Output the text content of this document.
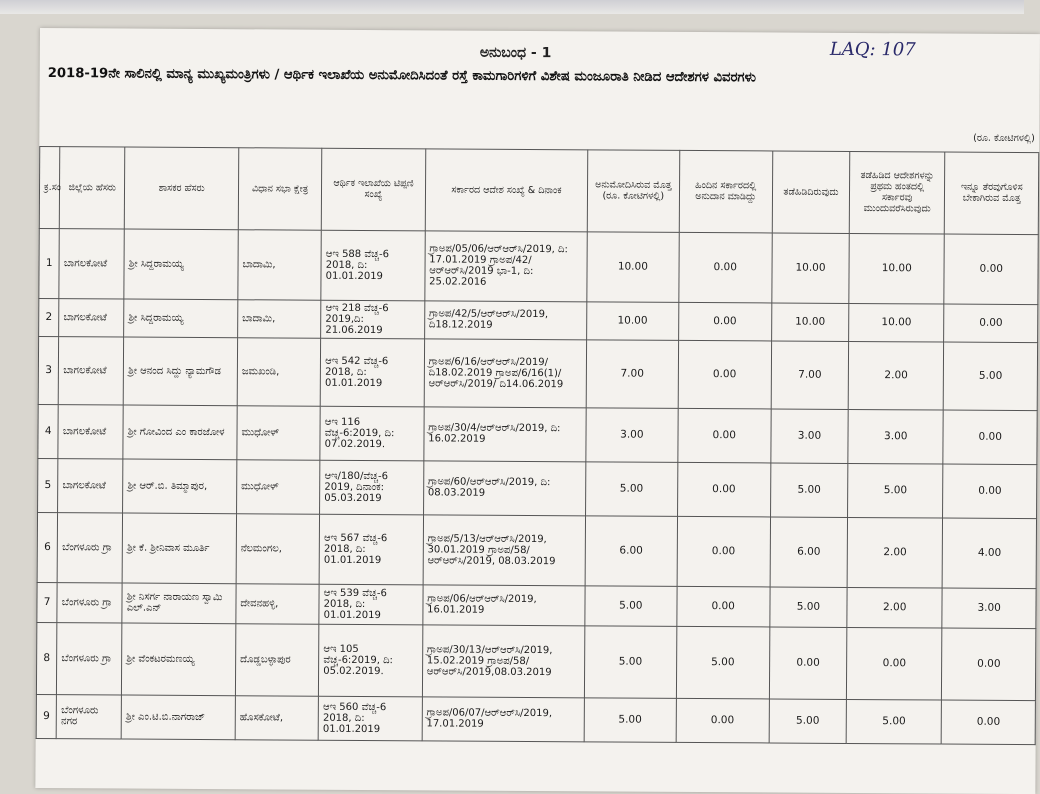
ಅನುಬಂಧ - 1	LAQ: 107
2018-19ನೇ ಸಾಲಿನಲ್ಲಿ ಮಾನ್ಯ ಮುಖ್ಯಮಂತ್ರಿಗಳು / ಆರ್ಥಿಕ ಇಲಾಖೆಯ ಅನುಮೋದಿಸಿದಂತೆ ರಸ್ತೆ ಕಾಮಗಾರಿಗಳಿಗೆ ವಿಶೇಷ ಮಂಜೂರಾತಿ ನೀಡಿದ ಆದೇಶಗಳ ವಿವರಗಳು
(ರೂ. ಕೋಟಿಗಳಲ್ಲಿ)										
ಕ್ರ.ಸಂ	ಜಿಲ್ಲೆಯ ಹೆಸರು	ಶಾಸಕರ ಹೆಸರು	ವಿಧಾನ ಸಭಾ ಕ್ಷೇತ್ರ	ಆರ್ಥಿಕ ಇಲಾಖೆಯ ಟಿಪ್ಪಣಿ ಸಂಖ್ಯೆ	ಸರ್ಕಾರದ ಆದೇಶ ಸಂಖ್ಯೆ & ದಿನಾಂಕ	ಅನುಮೋದಿಸಿರುವ ಮೊತ್ತ (ರೂ. ಕೋಟಿಗಳಲ್ಲಿ)	ಹಿಂದಿನ ಸರ್ಕಾರದಲ್ಲಿ ಅನುದಾನ ಮಾಡಿದ್ದು	ತಡೆಹಿಡಿದಿರುವುದು	ತಡೆಹಿಡಿದ ಆದೇಶಗಳನ್ನು ಪ್ರಥಮ ಹಂತದಲ್ಲಿ ಸರ್ಕಾರವು ಮುಂದುವರೆಸಿರುವುದು	ಇನ್ನೂ ತೆರವುಗೊಳಿಸ ಬೇಕಾಗಿರುವ ಮೊತ್ತ
1	ಬಾಗಲಕೋಟೆ	ಶ್ರೀ ಸಿದ್ದರಾಮಯ್ಯ	ಬಾದಾಮಿ,	ಆಇ 588 ವೆಚ್ಚ-6 2018, ದಿ: 01.01.2019	ಗ್ರಾಅಪ/05/06/ಆರ್‌ಆರ್‌ಸಿ/2019, ದಿ: 17.01.2019 ಗ್ರಾಅಪ/42/ಆರ್‌ಆರ್‌ಸಿ/2019 ಭಾ-1, ದಿ: 25.02.2016	10.00	0.00	10.00	10.00	0.00
2	ಬಾಗಲಕೋಟೆ	ಶ್ರೀ ಸಿದ್ದರಾಮಯ್ಯ	ಬಾದಾಮಿ,	ಆಇ 218 ವೆಚ್ಚ-6 2019,ದಿ: 21.06.2019	ಗ್ರಾಅಪ/42/5/ಆರ್‌ಆರ್‌ಸಿ/2019, ದಿ18.12.2019	10.00	0.00	10.00	10.00	0.00
3	ಬಾಗಲಕೋಟೆ	ಶ್ರೀ ಆನಂದ ಸಿದ್ದು ನ್ಯಾಮಗೌಡ	ಜಮಖಂಡಿ,	ಆಇ 542 ವೆಚ್ಚ-6 2018, ದಿ: 01.01.2019	ಗ್ರಾಅಪ/6/16/ಆರ್‌ಆರ್‌ಸಿ/2019/ ದಿ18.02.2019 ಗ್ರಾಅಪ/6/16(1)/ಆರ್‌ಆರ್‌ಸಿ/2019/ ದಿ14.06.2019	7.00	0.00	7.00	2.00	5.00
4	ಬಾಗಲಕೋಟೆ	ಶ್ರೀ ಗೋವಿಂದ ಎಂ ಕಾರಜೋಳ	ಮುಧೋಳ್	ಆಇ 116 ವೆಚ್ಚ-6:2019, ದಿ: 07.02.2019.	ಗ್ರಾಅಪ/30/4/ಆರ್‌ಆರ್‌ಸಿ/2019, ದಿ: 16.02.2019	3.00	0.00	3.00	3.00	0.00
5	ಬಾಗಲಕೋಟೆ	ಶ್ರೀ ಆರ್.ಬಿ. ತಿಮ್ಮಾಪುರ,	ಮುಧೋಳ್	ಆಇ/180/ವೆಚ್ಚ-6 2019, ದಿನಾಂಕ: 05.03.2019	ಗ್ರಾಅಪ/60/ಆರ್‌ಆರ್‌ಸಿ/2019, ದಿ: 08.03.2019	5.00	0.00	5.00	5.00	0.00
6	ಬೆಂಗಳೂರು ಗ್ರಾ	ಶ್ರೀ ಕೆ. ಶ್ರೀನಿವಾಸ ಮೂರ್ತಿ	ನೆಲಮಂಗಲ,	ಆಇ 567 ವೆಚ್ಚ-6 2018, ದಿ: 01.01.2019	ಗ್ರಾಅಪ/5/13/ಆರ್‌ಆರ್‌ಸಿ/2019, 30.01.2019 ಗ್ರಾಅಪ/58/ಆರ್‌ಆರ್‌ಸಿ/2019, 08.03.2019	6.00	0.00	6.00	2.00	4.00
7	ಬೆಂಗಳೂರು ಗ್ರಾ	ಶ್ರೀ ನಿಸರ್ಗ ನಾರಾಯಣ ಸ್ವಾಮಿ ಎಲ್.ಎನ್	ದೇವನಹಳ್ಳಿ,	ಆಇ 539 ವೆಚ್ಚ-6 2018, ದಿ: 01.01.2019	ಗ್ರಾಅಪ/06/ಆರ್‌ಆರ್‌ಸಿ/2019, 16.01.2019	5.00	0.00	5.00	2.00	3.00
8	ಬೆಂಗಳೂರು ಗ್ರಾ	ಶ್ರೀ ವೆಂಕಟರಮಣಯ್ಯ	ದೊಡ್ಡಬಳ್ಳಾಪುರ	ಆಇ 105 ವೆಚ್ಚ-6:2019, ದಿ: 05.02.2019.	ಗ್ರಾಅಪ/30/13/ಆರ್‌ಆರ್‌ಸಿ/2019, 15.02.2019 ಗ್ರಾಅಪ/58/ಆರ್‌ಆರ್‌ಸಿ/2019,08.03.2019	5.00	5.00	0.00	0.00	0.00
9	ಬೆಂಗಳೂರು ನಗರ	ಶ್ರೀ ಎಂ.ಟಿ.ಬಿ.ನಾಗರಾಜ್	ಹೊಸಕೋಟೆ,	ಆಇ 560 ವೆಚ್ಚ-6 2018, ದಿ: 01.01.2019	ಗ್ರಾಅಪ/06/07/ಆರ್‌ಆರ್‌ಸಿ/2019, 17.01.2019	5.00	0.00	5.00	5.00	0.00
